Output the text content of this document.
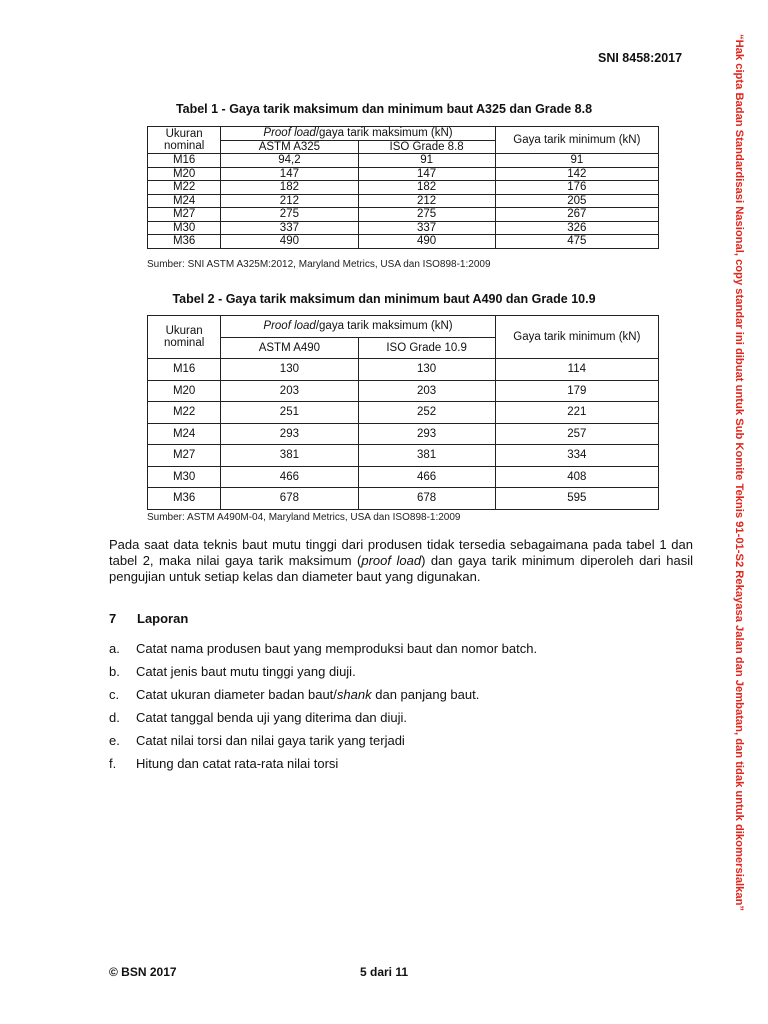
SNI 8458:2017
Tabel 1 - Gaya tarik maksimum dan minimum baut A325 dan Grade 8.8
Ukuran
nominal	Proof load/gaya tarik maksimum (kN)		Gaya tarik minimum (kN)
	ASTM A325	ISO Grade 8.8	
M16	94,2	91	91
M20	147	147	142
M22	182	182	176
M24	212	212	205
M27	275	275	267
M30	337	337	326
M36	490	490	475
Sumber: SNI ASTM A325M:2012, Maryland Metrics, USA dan ISO898-1:2009
Tabel 2 - Gaya tarik maksimum dan minimum baut A490 dan Grade 10.9
Ukuran
nominal	Proof load/gaya tarik maksimum (kN)		Gaya tarik minimum (kN)
	ASTM A490	ISO Grade 10.9	
M16	130	130	114
M20	203	203	179
M22	251	252	221
M24	293	293	257
M27	381	381	334
M30	466	466	408
M36	678	678	595
Sumber: ASTM A490M-04, Maryland Metrics, USA dan ISO898-1:2009
Pada saat data teknis baut mutu tinggi dari produsen tidak tersedia sebagaimana pada tabel 1 dan tabel 2, maka nilai gaya tarik maksimum (proof load) dan gaya tarik minimum diperoleh dari hasil pengujian untuk setiap kelas dan diameter baut yang digunakan.
7 Laporan
a. Catat nama produsen baut yang memproduksi baut dan nomor batch.
b. Catat jenis baut mutu tinggi yang diuji.
c. Catat ukuran diameter badan baut/shank dan panjang baut.
d. Catat tanggal benda uji yang diterima dan diuji.
e. Catat nilai torsi dan nilai gaya tarik yang terjadi
f. Hitung dan catat rata-rata nilai torsi
© BSN 2017	5 dari 11
“Hak cipta Badan Standardisasi Nasional, copy standar ini dibuat untuk Sub Komite Teknis 91-01-S2 Rekayasa Jalan dan Jembatan, dan tidak untuk dikomersialkan”
